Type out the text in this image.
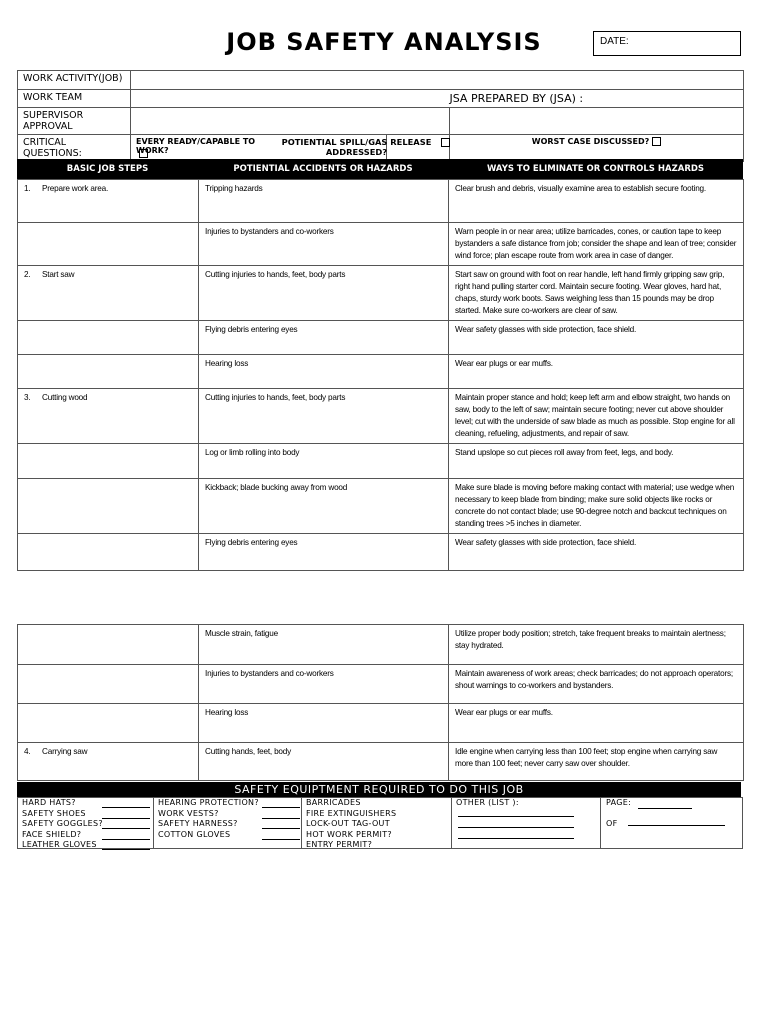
JOB SAFETY ANALYSIS	DATE:
WORK ACTIVITY(JOB)			
WORK TEAM			JSA PREPARED BY (JSA) :
SUPERVISOR APPROVAL			
CRITICAL QUESTIONS:	EVERY READY/CAPABLE TO WORK?
POTIENTIAL SPILL/GAS RELEASE ADDRESSED?		WORST CASE DISCUSSED?
BASIC JOB STEPS	POTIENTIAL ACCIDENTS OR HAZARDS	WAYS TO ELIMINATE OR CONTROLS HAZARDS
1. Prepare work area.	Tripping hazards	Clear brush and debris, visually examine area to establish secure footing.
	Injuries to bystanders and co-workers	Warn people in or near area; utilize barricades, cones, or caution tape to keep bystanders a safe distance from job; consider the shape and lean of tree; consider wind force; plan escape route from work area in case of danger.
2. Start saw	Cutting injuries to hands, feet, body parts	Start saw on ground with foot on rear handle, left hand firmly gripping saw grip, right hand pulling starter cord. Maintain secure footing. Wear gloves, hard hat, chaps, sturdy work boots. Saws weighing less than 15 pounds may be drop started. Make sure co-workers are clear of saw.
	Flying debris entering eyes	Wear safety glasses with side protection, face shield.
	Hearing loss	Wear ear plugs or ear muffs.
3. Cutting wood	Cutting injuries to hands, feet, body parts	Maintain proper stance and hold; keep left arm and elbow straight, two hands on saw, body to the left of saw; maintain secure footing; never cut above shoulder level; cut with the underside of saw blade as much as possible. Stop engine for all cleaning, refueling, adjustments, and repair of saw.
	Log or limb rolling into body	Stand upslope so cut pieces roll away from feet, legs, and body.
	Kickback; blade bucking away from wood	Make sure blade is moving before making contact with material; use wedge when necessary to keep blade from binding; make sure solid objects like rocks or concrete do not contact blade; use 90-degree notch and backcut techniques on standing trees >5 inches in diameter.
	Flying debris entering eyes	Wear safety glasses with side protection, face shield.
	Muscle strain, fatigue	Utilize proper body position; stretch, take frequent breaks to maintain alertness; stay hydrated.
	Injuries to bystanders and co-workers	Maintain awareness of work areas; check barricades; do not approach operators; shout warnings to co-workers and bystanders.
	Hearing loss	Wear ear plugs or ear muffs.
4. Carrying saw	Cutting hands, feet, body	Idle engine when carrying less than 100 feet; stop engine when carrying saw more than 100 feet; never carry saw over shoulder.
SAFETY EQUIPTMENT REQUIRED TO DO THIS JOB
HARD HATS?
SAFETY SHOES
SAFETY GOGGLES?
FACE SHIELD?
LEATHER GLOVES
HEARING PROTECTION?
WORK VESTS?
SAFETY HARNESS?
COTTON GLOVES
BARRICADES
FIRE EXTINGUISHERS
LOCK-OUT TAG-OUT
HOT WORK PERMIT?
ENTRY PERMIT?
OTHER (LIST ):	PAGE:
OF
